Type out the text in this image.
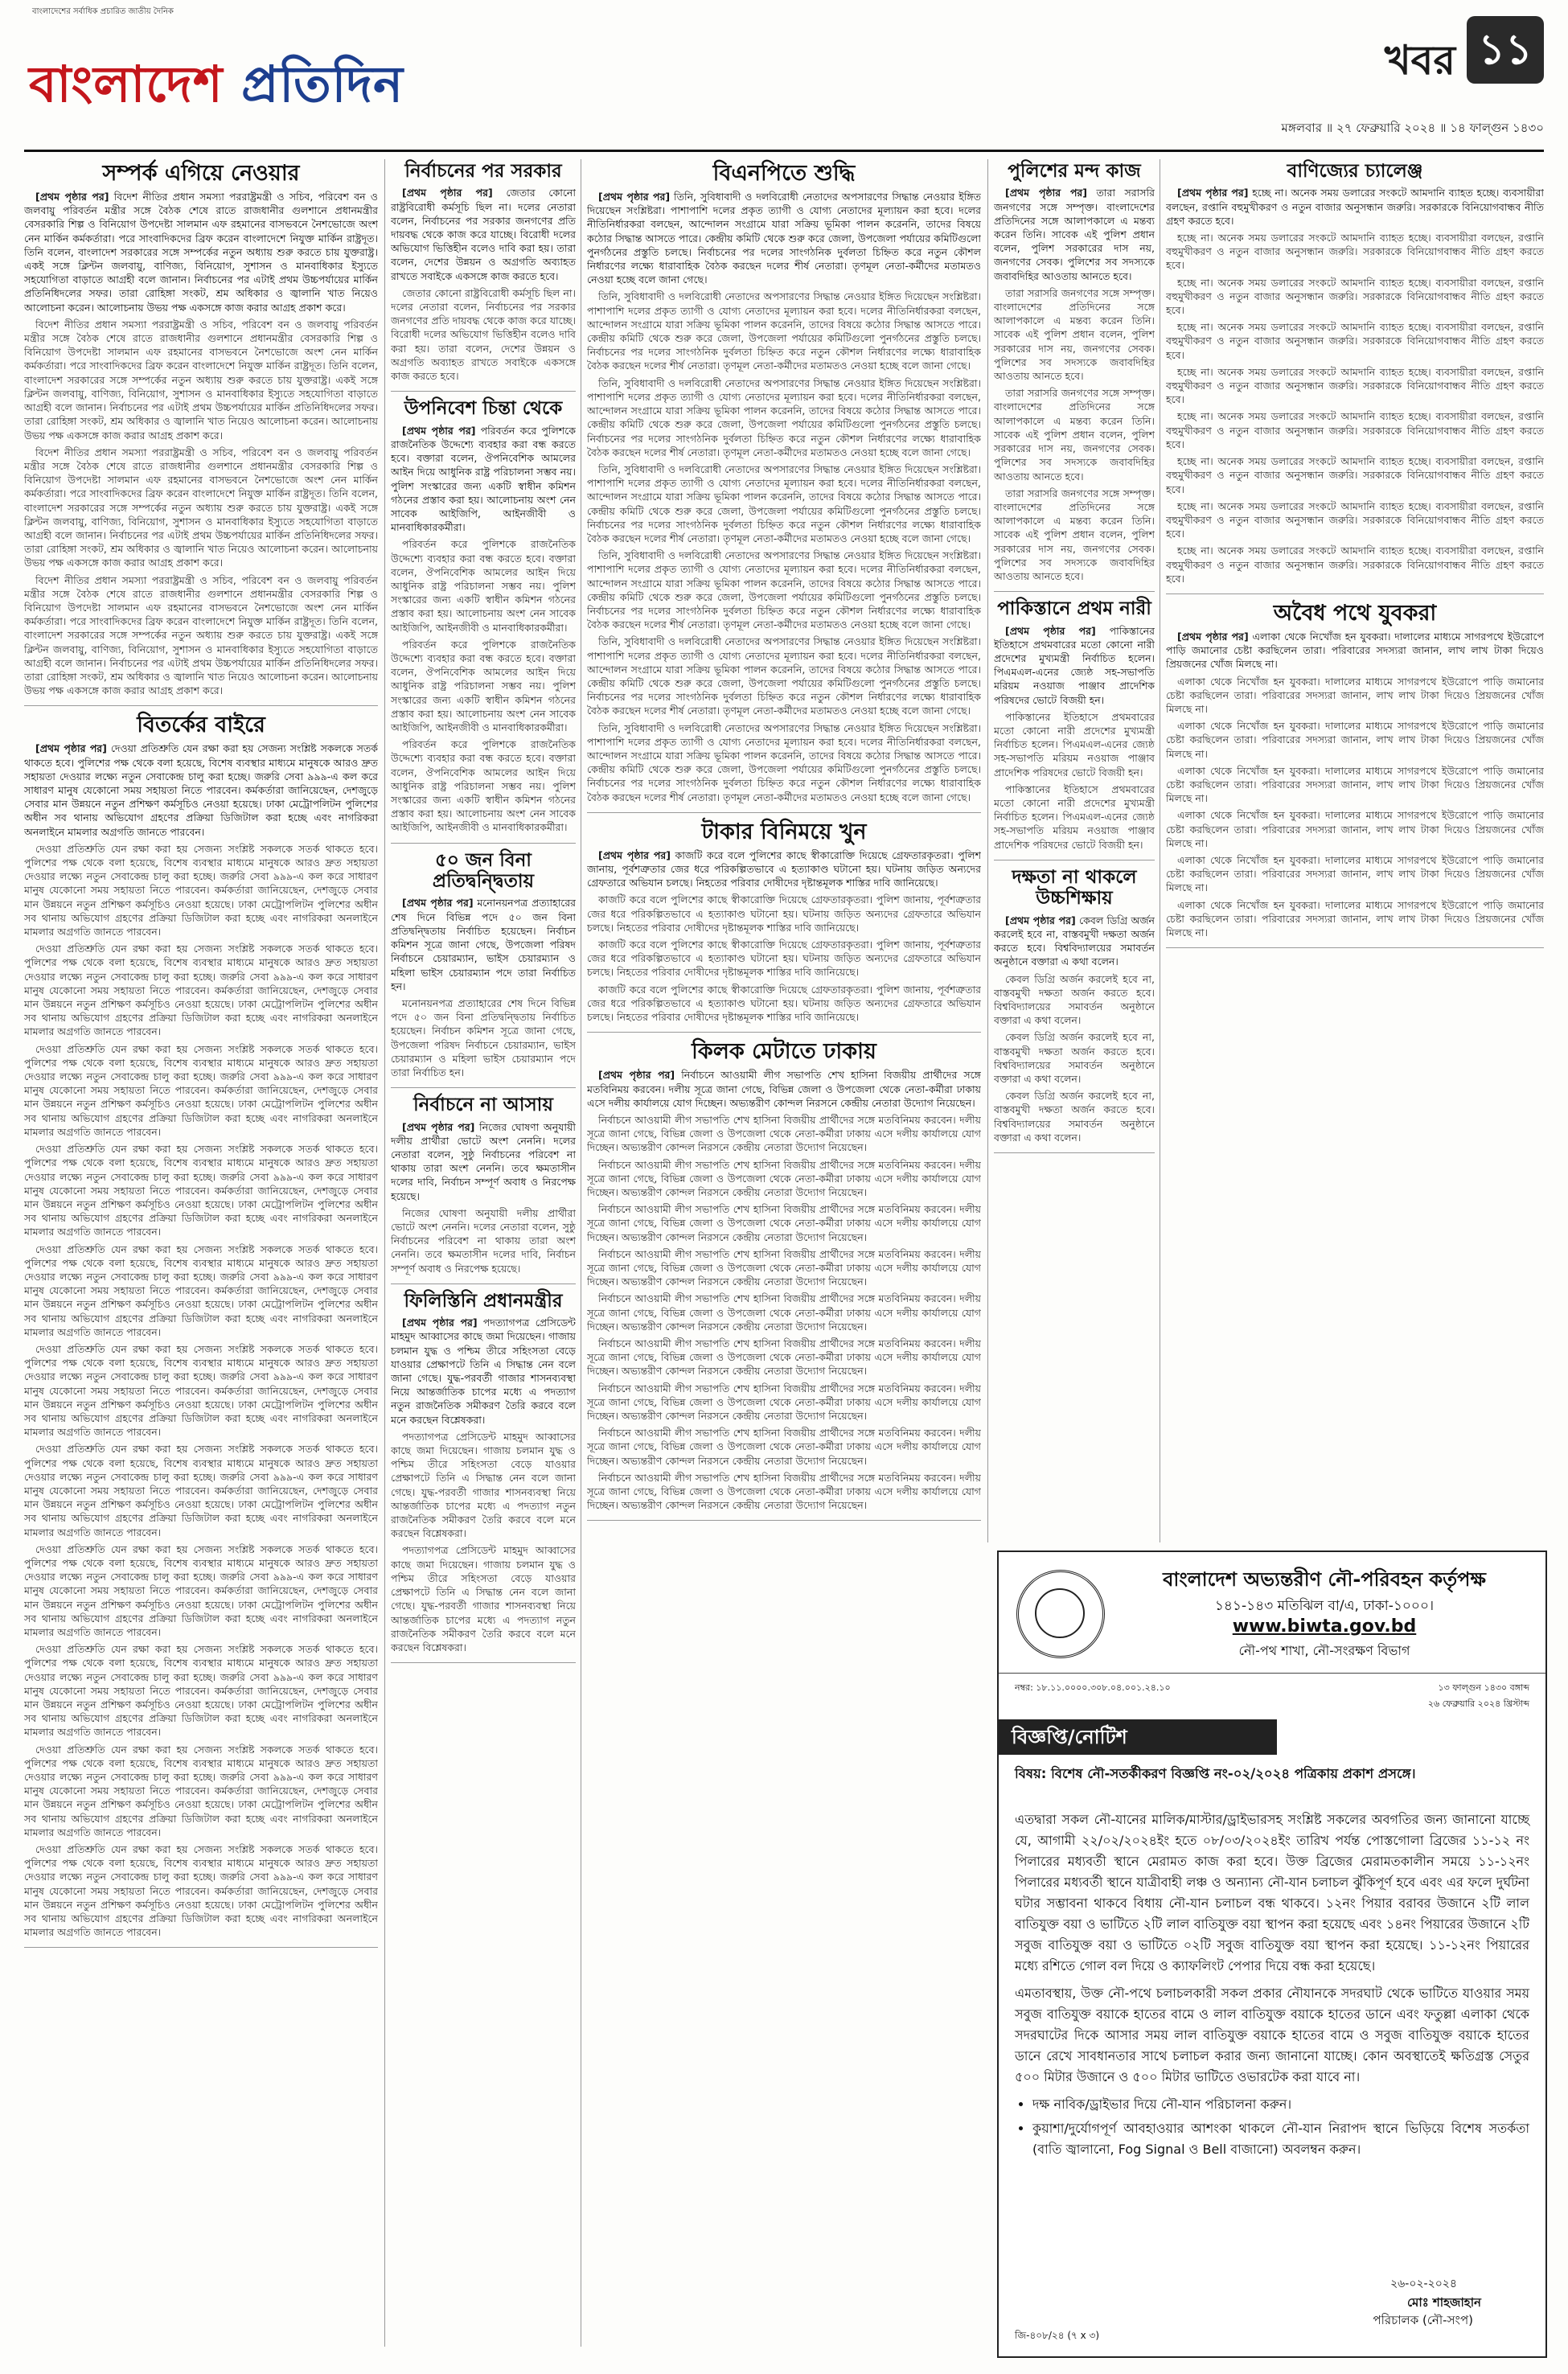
বাংলাদেশের সর্বাধিক প্রচারিত জাতীয় দৈনিক
বাংলাদেশ প্রতিদিন	খবর ১১
মঙ্গলবার ॥ ২৭ ফেব্রুয়ারি ২০২৪ ॥ ১৪ ফাল্গুন ১৪৩০
সম্পর্ক এগিয়ে নেওয়ার

[প্রথম পৃষ্ঠার পর] বিদেশ নীতির প্রধান সমস্যা পররাষ্ট্রমন্ত্রী ও সচিব, পরিবেশ বন ও জলবায়ু পরিবর্তন মন্ত্রীর সঙ্গে বৈঠক শেষে রাতে রাজধানীর গুলশানে প্রধানমন্ত্রীর বেসরকারি শিল্প ও বিনিয়োগ উপদেষ্টা সালমান এফ রহমানের বাসভবনে নৈশভোজে অংশ নেন মার্কিন কর্মকর্তারা। পরে সাংবাদিকদের ব্রিফ করেন বাংলাদেশে নিযুক্ত মার্কিন রাষ্ট্রদূত। তিনি বলেন, বাংলাদেশ সরকারের সঙ্গে সম্পর্কের নতুন অধ্যায় শুরু করতে চায় যুক্তরাষ্ট্র। একই সঙ্গে ক্লিন্টন জলবায়ু, বাণিজ্য, বিনিয়োগ, সুশাসন ও মানবাধিকার ইস্যুতে সহযোগিতা বাড়াতে আগ্রহী বলে জানান। নির্বাচনের পর এটাই প্রথম উচ্চপর্যায়ের মার্কিন প্রতিনিধিদলের সফর। তারা রোহিঙ্গা সংকট, শ্রম অধিকার ও জ্বালানি খাত নিয়েও আলোচনা করেন। আলোচনায় উভয় পক্ষ একসঙ্গে কাজ করার আগ্রহ প্রকাশ করে।

বিদেশ নীতির প্রধান সমস্যা পররাষ্ট্রমন্ত্রী ও সচিব, পরিবেশ বন ও জলবায়ু পরিবর্তন মন্ত্রীর সঙ্গে বৈঠক শেষে রাতে রাজধানীর গুলশানে প্রধানমন্ত্রীর বেসরকারি শিল্প ও বিনিয়োগ উপদেষ্টা সালমান এফ রহমানের বাসভবনে নৈশভোজে অংশ নেন মার্কিন কর্মকর্তারা। পরে সাংবাদিকদের ব্রিফ করেন বাংলাদেশে নিযুক্ত মার্কিন রাষ্ট্রদূত। তিনি বলেন, বাংলাদেশ সরকারের সঙ্গে সম্পর্কের নতুন অধ্যায় শুরু করতে চায় যুক্তরাষ্ট্র। একই সঙ্গে ক্লিন্টন জলবায়ু, বাণিজ্য, বিনিয়োগ, সুশাসন ও মানবাধিকার ইস্যুতে সহযোগিতা বাড়াতে আগ্রহী বলে জানান। নির্বাচনের পর এটাই প্রথম উচ্চপর্যায়ের মার্কিন প্রতিনিধিদলের সফর। তারা রোহিঙ্গা সংকট, শ্রম অধিকার ও জ্বালানি খাত নিয়েও আলোচনা করেন। আলোচনায় উভয় পক্ষ একসঙ্গে কাজ করার আগ্রহ প্রকাশ করে।

বিদেশ নীতির প্রধান সমস্যা পররাষ্ট্রমন্ত্রী ও সচিব, পরিবেশ বন ও জলবায়ু পরিবর্তন মন্ত্রীর সঙ্গে বৈঠক শেষে রাতে রাজধানীর গুলশানে প্রধানমন্ত্রীর বেসরকারি শিল্প ও বিনিয়োগ উপদেষ্টা সালমান এফ রহমানের বাসভবনে নৈশভোজে অংশ নেন মার্কিন কর্মকর্তারা। পরে সাংবাদিকদের ব্রিফ করেন বাংলাদেশে নিযুক্ত মার্কিন রাষ্ট্রদূত। তিনি বলেন, বাংলাদেশ সরকারের সঙ্গে সম্পর্কের নতুন অধ্যায় শুরু করতে চায় যুক্তরাষ্ট্র। একই সঙ্গে ক্লিন্টন জলবায়ু, বাণিজ্য, বিনিয়োগ, সুশাসন ও মানবাধিকার ইস্যুতে সহযোগিতা বাড়াতে আগ্রহী বলে জানান। নির্বাচনের পর এটাই প্রথম উচ্চপর্যায়ের মার্কিন প্রতিনিধিদলের সফর। তারা রোহিঙ্গা সংকট, শ্রম অধিকার ও জ্বালানি খাত নিয়েও আলোচনা করেন। আলোচনায় উভয় পক্ষ একসঙ্গে কাজ করার আগ্রহ প্রকাশ করে।

বিদেশ নীতির প্রধান সমস্যা পররাষ্ট্রমন্ত্রী ও সচিব, পরিবেশ বন ও জলবায়ু পরিবর্তন মন্ত্রীর সঙ্গে বৈঠক শেষে রাতে রাজধানীর গুলশানে প্রধানমন্ত্রীর বেসরকারি শিল্প ও বিনিয়োগ উপদেষ্টা সালমান এফ রহমানের বাসভবনে নৈশভোজে অংশ নেন মার্কিন কর্মকর্তারা। পরে সাংবাদিকদের ব্রিফ করেন বাংলাদেশে নিযুক্ত মার্কিন রাষ্ট্রদূত। তিনি বলেন, বাংলাদেশ সরকারের সঙ্গে সম্পর্কের নতুন অধ্যায় শুরু করতে চায় যুক্তরাষ্ট্র। একই সঙ্গে ক্লিন্টন জলবায়ু, বাণিজ্য, বিনিয়োগ, সুশাসন ও মানবাধিকার ইস্যুতে সহযোগিতা বাড়াতে আগ্রহী বলে জানান। নির্বাচনের পর এটাই প্রথম উচ্চপর্যায়ের মার্কিন প্রতিনিধিদলের সফর। তারা রোহিঙ্গা সংকট, শ্রম অধিকার ও জ্বালানি খাত নিয়েও আলোচনা করেন। আলোচনায় উভয় পক্ষ একসঙ্গে কাজ করার আগ্রহ প্রকাশ করে।

বিতর্কের বাইরে

[প্রথম পৃষ্ঠার পর] দেওয়া প্রতিশ্রুতি যেন রক্ষা করা হয় সেজন্য সংশ্লিষ্ট সকলকে সতর্ক থাকতে হবে। পুলিশের পক্ষ থেকে বলা হয়েছে, বিশেষ ব্যবস্থার মাধ্যমে মানুষকে আরও দ্রুত সহায়তা দেওয়ার লক্ষ্যে নতুন সেবাকেন্দ্র চালু করা হচ্ছে। জরুরি সেবা ৯৯৯-এ কল করে সাধারণ মানুষ যেকোনো সময় সহায়তা নিতে পারবেন। কর্মকর্তারা জানিয়েছেন, দেশজুড়ে সেবার মান উন্নয়নে নতুন প্রশিক্ষণ কর্মসূচিও নেওয়া হয়েছে। ঢাকা মেট্রোপলিটন পুলিশের অধীন সব থানায় অভিযোগ গ্রহণের প্রক্রিয়া ডিজিটাল করা হচ্ছে এবং নাগরিকরা অনলাইনে মামলার অগ্রগতি জানতে পারবেন।

দেওয়া প্রতিশ্রুতি যেন রক্ষা করা হয় সেজন্য সংশ্লিষ্ট সকলকে সতর্ক থাকতে হবে। পুলিশের পক্ষ থেকে বলা হয়েছে, বিশেষ ব্যবস্থার মাধ্যমে মানুষকে আরও দ্রুত সহায়তা দেওয়ার লক্ষ্যে নতুন সেবাকেন্দ্র চালু করা হচ্ছে। জরুরি সেবা ৯৯৯-এ কল করে সাধারণ মানুষ যেকোনো সময় সহায়তা নিতে পারবেন। কর্মকর্তারা জানিয়েছেন, দেশজুড়ে সেবার মান উন্নয়নে নতুন প্রশিক্ষণ কর্মসূচিও নেওয়া হয়েছে। ঢাকা মেট্রোপলিটন পুলিশের অধীন সব থানায় অভিযোগ গ্রহণের প্রক্রিয়া ডিজিটাল করা হচ্ছে এবং নাগরিকরা অনলাইনে মামলার অগ্রগতি জানতে পারবেন।

দেওয়া প্রতিশ্রুতি যেন রক্ষা করা হয় সেজন্য সংশ্লিষ্ট সকলকে সতর্ক থাকতে হবে। পুলিশের পক্ষ থেকে বলা হয়েছে, বিশেষ ব্যবস্থার মাধ্যমে মানুষকে আরও দ্রুত সহায়তা দেওয়ার লক্ষ্যে নতুন সেবাকেন্দ্র চালু করা হচ্ছে। জরুরি সেবা ৯৯৯-এ কল করে সাধারণ মানুষ যেকোনো সময় সহায়তা নিতে পারবেন। কর্মকর্তারা জানিয়েছেন, দেশজুড়ে সেবার মান উন্নয়নে নতুন প্রশিক্ষণ কর্মসূচিও নেওয়া হয়েছে। ঢাকা মেট্রোপলিটন পুলিশের অধীন সব থানায় অভিযোগ গ্রহণের প্রক্রিয়া ডিজিটাল করা হচ্ছে এবং নাগরিকরা অনলাইনে মামলার অগ্রগতি জানতে পারবেন।

দেওয়া প্রতিশ্রুতি যেন রক্ষা করা হয় সেজন্য সংশ্লিষ্ট সকলকে সতর্ক থাকতে হবে। পুলিশের পক্ষ থেকে বলা হয়েছে, বিশেষ ব্যবস্থার মাধ্যমে মানুষকে আরও দ্রুত সহায়তা দেওয়ার লক্ষ্যে নতুন সেবাকেন্দ্র চালু করা হচ্ছে। জরুরি সেবা ৯৯৯-এ কল করে সাধারণ মানুষ যেকোনো সময় সহায়তা নিতে পারবেন। কর্মকর্তারা জানিয়েছেন, দেশজুড়ে সেবার মান উন্নয়নে নতুন প্রশিক্ষণ কর্মসূচিও নেওয়া হয়েছে। ঢাকা মেট্রোপলিটন পুলিশের অধীন সব থানায় অভিযোগ গ্রহণের প্রক্রিয়া ডিজিটাল করা হচ্ছে এবং নাগরিকরা অনলাইনে মামলার অগ্রগতি জানতে পারবেন।

দেওয়া প্রতিশ্রুতি যেন রক্ষা করা হয় সেজন্য সংশ্লিষ্ট সকলকে সতর্ক থাকতে হবে। পুলিশের পক্ষ থেকে বলা হয়েছে, বিশেষ ব্যবস্থার মাধ্যমে মানুষকে আরও দ্রুত সহায়তা দেওয়ার লক্ষ্যে নতুন সেবাকেন্দ্র চালু করা হচ্ছে। জরুরি সেবা ৯৯৯-এ কল করে সাধারণ মানুষ যেকোনো সময় সহায়তা নিতে পারবেন। কর্মকর্তারা জানিয়েছেন, দেশজুড়ে সেবার মান উন্নয়নে নতুন প্রশিক্ষণ কর্মসূচিও নেওয়া হয়েছে। ঢাকা মেট্রোপলিটন পুলিশের অধীন সব থানায় অভিযোগ গ্রহণের প্রক্রিয়া ডিজিটাল করা হচ্ছে এবং নাগরিকরা অনলাইনে মামলার অগ্রগতি জানতে পারবেন।

দেওয়া প্রতিশ্রুতি যেন রক্ষা করা হয় সেজন্য সংশ্লিষ্ট সকলকে সতর্ক থাকতে হবে। পুলিশের পক্ষ থেকে বলা হয়েছে, বিশেষ ব্যবস্থার মাধ্যমে মানুষকে আরও দ্রুত সহায়তা দেওয়ার লক্ষ্যে নতুন সেবাকেন্দ্র চালু করা হচ্ছে। জরুরি সেবা ৯৯৯-এ কল করে সাধারণ মানুষ যেকোনো সময় সহায়তা নিতে পারবেন। কর্মকর্তারা জানিয়েছেন, দেশজুড়ে সেবার মান উন্নয়নে নতুন প্রশিক্ষণ কর্মসূচিও নেওয়া হয়েছে। ঢাকা মেট্রোপলিটন পুলিশের অধীন সব থানায় অভিযোগ গ্রহণের প্রক্রিয়া ডিজিটাল করা হচ্ছে এবং নাগরিকরা অনলাইনে মামলার অগ্রগতি জানতে পারবেন।

দেওয়া প্রতিশ্রুতি যেন রক্ষা করা হয় সেজন্য সংশ্লিষ্ট সকলকে সতর্ক থাকতে হবে। পুলিশের পক্ষ থেকে বলা হয়েছে, বিশেষ ব্যবস্থার মাধ্যমে মানুষকে আরও দ্রুত সহায়তা দেওয়ার লক্ষ্যে নতুন সেবাকেন্দ্র চালু করা হচ্ছে। জরুরি সেবা ৯৯৯-এ কল করে সাধারণ মানুষ যেকোনো সময় সহায়তা নিতে পারবেন। কর্মকর্তারা জানিয়েছেন, দেশজুড়ে সেবার মান উন্নয়নে নতুন প্রশিক্ষণ কর্মসূচিও নেওয়া হয়েছে। ঢাকা মেট্রোপলিটন পুলিশের অধীন সব থানায় অভিযোগ গ্রহণের প্রক্রিয়া ডিজিটাল করা হচ্ছে এবং নাগরিকরা অনলাইনে মামলার অগ্রগতি জানতে পারবেন।

দেওয়া প্রতিশ্রুতি যেন রক্ষা করা হয় সেজন্য সংশ্লিষ্ট সকলকে সতর্ক থাকতে হবে। পুলিশের পক্ষ থেকে বলা হয়েছে, বিশেষ ব্যবস্থার মাধ্যমে মানুষকে আরও দ্রুত সহায়তা দেওয়ার লক্ষ্যে নতুন সেবাকেন্দ্র চালু করা হচ্ছে। জরুরি সেবা ৯৯৯-এ কল করে সাধারণ মানুষ যেকোনো সময় সহায়তা নিতে পারবেন। কর্মকর্তারা জানিয়েছেন, দেশজুড়ে সেবার মান উন্নয়নে নতুন প্রশিক্ষণ কর্মসূচিও নেওয়া হয়েছে। ঢাকা মেট্রোপলিটন পুলিশের অধীন সব থানায় অভিযোগ গ্রহণের প্রক্রিয়া ডিজিটাল করা হচ্ছে এবং নাগরিকরা অনলাইনে মামলার অগ্রগতি জানতে পারবেন।

দেওয়া প্রতিশ্রুতি যেন রক্ষা করা হয় সেজন্য সংশ্লিষ্ট সকলকে সতর্ক থাকতে হবে। পুলিশের পক্ষ থেকে বলা হয়েছে, বিশেষ ব্যবস্থার মাধ্যমে মানুষকে আরও দ্রুত সহায়তা দেওয়ার লক্ষ্যে নতুন সেবাকেন্দ্র চালু করা হচ্ছে। জরুরি সেবা ৯৯৯-এ কল করে সাধারণ মানুষ যেকোনো সময় সহায়তা নিতে পারবেন। কর্মকর্তারা জানিয়েছেন, দেশজুড়ে সেবার মান উন্নয়নে নতুন প্রশিক্ষণ কর্মসূচিও নেওয়া হয়েছে। ঢাকা মেট্রোপলিটন পুলিশের অধীন সব থানায় অভিযোগ গ্রহণের প্রক্রিয়া ডিজিটাল করা হচ্ছে এবং নাগরিকরা অনলাইনে মামলার অগ্রগতি জানতে পারবেন।

দেওয়া প্রতিশ্রুতি যেন রক্ষা করা হয় সেজন্য সংশ্লিষ্ট সকলকে সতর্ক থাকতে হবে। পুলিশের পক্ষ থেকে বলা হয়েছে, বিশেষ ব্যবস্থার মাধ্যমে মানুষকে আরও দ্রুত সহায়তা দেওয়ার লক্ষ্যে নতুন সেবাকেন্দ্র চালু করা হচ্ছে। জরুরি সেবা ৯৯৯-এ কল করে সাধারণ মানুষ যেকোনো সময় সহায়তা নিতে পারবেন। কর্মকর্তারা জানিয়েছেন, দেশজুড়ে সেবার মান উন্নয়নে নতুন প্রশিক্ষণ কর্মসূচিও নেওয়া হয়েছে। ঢাকা মেট্রোপলিটন পুলিশের অধীন সব থানায় অভিযোগ গ্রহণের প্রক্রিয়া ডিজিটাল করা হচ্ছে এবং নাগরিকরা অনলাইনে মামলার অগ্রগতি জানতে পারবেন।

দেওয়া প্রতিশ্রুতি যেন রক্ষা করা হয় সেজন্য সংশ্লিষ্ট সকলকে সতর্ক থাকতে হবে। পুলিশের পক্ষ থেকে বলা হয়েছে, বিশেষ ব্যবস্থার মাধ্যমে মানুষকে আরও দ্রুত সহায়তা দেওয়ার লক্ষ্যে নতুন সেবাকেন্দ্র চালু করা হচ্ছে। জরুরি সেবা ৯৯৯-এ কল করে সাধারণ মানুষ যেকোনো সময় সহায়তা নিতে পারবেন। কর্মকর্তারা জানিয়েছেন, দেশজুড়ে সেবার মান উন্নয়নে নতুন প্রশিক্ষণ কর্মসূচিও নেওয়া হয়েছে। ঢাকা মেট্রোপলিটন পুলিশের অধীন সব থানায় অভিযোগ গ্রহণের প্রক্রিয়া ডিজিটাল করা হচ্ছে এবং নাগরিকরা অনলাইনে মামলার অগ্রগতি জানতে পারবেন।

দেওয়া প্রতিশ্রুতি যেন রক্ষা করা হয় সেজন্য সংশ্লিষ্ট সকলকে সতর্ক থাকতে হবে। পুলিশের পক্ষ থেকে বলা হয়েছে, বিশেষ ব্যবস্থার মাধ্যমে মানুষকে আরও দ্রুত সহায়তা দেওয়ার লক্ষ্যে নতুন সেবাকেন্দ্র চালু করা হচ্ছে। জরুরি সেবা ৯৯৯-এ কল করে সাধারণ মানুষ যেকোনো সময় সহায়তা নিতে পারবেন। কর্মকর্তারা জানিয়েছেন, দেশজুড়ে সেবার মান উন্নয়নে নতুন প্রশিক্ষণ কর্মসূচিও নেওয়া হয়েছে। ঢাকা মেট্রোপলিটন পুলিশের অধীন সব থানায় অভিযোগ গ্রহণের প্রক্রিয়া ডিজিটাল করা হচ্ছে এবং নাগরিকরা অনলাইনে মামলার অগ্রগতি জানতে পারবেন।

নির্বাচনের পর সরকার

[প্রথম পৃষ্ঠার পর] জেতার কোনো রাষ্ট্রবিরোধী কর্মসূচি ছিল না। দলের নেতারা বলেন, নির্বাচনের পর সরকার জনগণের প্রতি দায়বদ্ধ থেকে কাজ করে যাচ্ছে। বিরোধী দলের অভিযোগ ভিত্তিহীন বলেও দাবি করা হয়। তারা বলেন, দেশের উন্নয়ন ও অগ্রগতি অব্যাহত রাখতে সবাইকে একসঙ্গে কাজ করতে হবে।

জেতার কোনো রাষ্ট্রবিরোধী কর্মসূচি ছিল না। দলের নেতারা বলেন, নির্বাচনের পর সরকার জনগণের প্রতি দায়বদ্ধ থেকে কাজ করে যাচ্ছে। বিরোধী দলের অভিযোগ ভিত্তিহীন বলেও দাবি করা হয়। তারা বলেন, দেশের উন্নয়ন ও অগ্রগতি অব্যাহত রাখতে সবাইকে একসঙ্গে কাজ করতে হবে।

উপনিবেশ চিন্তা থেকে

[প্রথম পৃষ্ঠার পর] পরিবর্তন করে পুলিশকে রাজনৈতিক উদ্দেশ্যে ব্যবহার করা বন্ধ করতে হবে। বক্তারা বলেন, ঔপনিবেশিক আমলের আইন দিয়ে আধুনিক রাষ্ট্র পরিচালনা সম্ভব নয়। পুলিশ সংস্কারের জন্য একটি স্বাধীন কমিশন গঠনের প্রস্তাব করা হয়। আলোচনায় অংশ নেন সাবেক আইজিপি, আইনজীবী ও মানবাধিকারকর্মীরা।

পরিবর্তন করে পুলিশকে রাজনৈতিক উদ্দেশ্যে ব্যবহার করা বন্ধ করতে হবে। বক্তারা বলেন, ঔপনিবেশিক আমলের আইন দিয়ে আধুনিক রাষ্ট্র পরিচালনা সম্ভব নয়। পুলিশ সংস্কারের জন্য একটি স্বাধীন কমিশন গঠনের প্রস্তাব করা হয়। আলোচনায় অংশ নেন সাবেক আইজিপি, আইনজীবী ও মানবাধিকারকর্মীরা।

পরিবর্তন করে পুলিশকে রাজনৈতিক উদ্দেশ্যে ব্যবহার করা বন্ধ করতে হবে। বক্তারা বলেন, ঔপনিবেশিক আমলের আইন দিয়ে আধুনিক রাষ্ট্র পরিচালনা সম্ভব নয়। পুলিশ সংস্কারের জন্য একটি স্বাধীন কমিশন গঠনের প্রস্তাব করা হয়। আলোচনায় অংশ নেন সাবেক আইজিপি, আইনজীবী ও মানবাধিকারকর্মীরা।

পরিবর্তন করে পুলিশকে রাজনৈতিক উদ্দেশ্যে ব্যবহার করা বন্ধ করতে হবে। বক্তারা বলেন, ঔপনিবেশিক আমলের আইন দিয়ে আধুনিক রাষ্ট্র পরিচালনা সম্ভব নয়। পুলিশ সংস্কারের জন্য একটি স্বাধীন কমিশন গঠনের প্রস্তাব করা হয়। আলোচনায় অংশ নেন সাবেক আইজিপি, আইনজীবী ও মানবাধিকারকর্মীরা।

৫০ জন বিনা প্রতিদ্বন্দ্বিতায়

[প্রথম পৃষ্ঠার পর] মনোনয়নপত্র প্রত্যাহারের শেষ দিনে বিভিন্ন পদে ৫০ জন বিনা প্রতিদ্বন্দ্বিতায় নির্বাচিত হয়েছেন। নির্বাচন কমিশন সূত্রে জানা গেছে, উপজেলা পরিষদ নির্বাচনে চেয়ারম্যান, ভাইস চেয়ারম্যান ও মহিলা ভাইস চেয়ারম্যান পদে তারা নির্বাচিত হন।

মনোনয়নপত্র প্রত্যাহারের শেষ দিনে বিভিন্ন পদে ৫০ জন বিনা প্রতিদ্বন্দ্বিতায় নির্বাচিত হয়েছেন। নির্বাচন কমিশন সূত্রে জানা গেছে, উপজেলা পরিষদ নির্বাচনে চেয়ারম্যান, ভাইস চেয়ারম্যান ও মহিলা ভাইস চেয়ারম্যান পদে তারা নির্বাচিত হন।

নির্বাচনে না আসায়

[প্রথম পৃষ্ঠার পর] নিজের ঘোষণা অনুযায়ী দলীয় প্রার্থীরা ভোটে অংশ নেননি। দলের নেতারা বলেন, সুষ্ঠু নির্বাচনের পরিবেশ না থাকায় তারা অংশ নেননি। তবে ক্ষমতাসীন দলের দাবি, নির্বাচন সম্পূর্ণ অবাধ ও নিরপেক্ষ হয়েছে।

নিজের ঘোষণা অনুযায়ী দলীয় প্রার্থীরা ভোটে অংশ নেননি। দলের নেতারা বলেন, সুষ্ঠু নির্বাচনের পরিবেশ না থাকায় তারা অংশ নেননি। তবে ক্ষমতাসীন দলের দাবি, নির্বাচন সম্পূর্ণ অবাধ ও নিরপেক্ষ হয়েছে।

ফিলিস্তিনি প্রধানমন্ত্রীর

[প্রথম পৃষ্ঠার পর] পদত্যাগপত্র প্রেসিডেন্ট মাহমুদ আব্বাসের কাছে জমা দিয়েছেন। গাজায় চলমান যুদ্ধ ও পশ্চিম তীরে সহিংসতা বেড়ে যাওয়ার প্রেক্ষাপটে তিনি এ সিদ্ধান্ত নেন বলে জানা গেছে। যুদ্ধ-পরবর্তী গাজার শাসনব্যবস্থা নিয়ে আন্তর্জাতিক চাপের মধ্যে এ পদত্যাগ নতুন রাজনৈতিক সমীকরণ তৈরি করবে বলে মনে করছেন বিশ্লেষকরা।

পদত্যাগপত্র প্রেসিডেন্ট মাহমুদ আব্বাসের কাছে জমা দিয়েছেন। গাজায় চলমান যুদ্ধ ও পশ্চিম তীরে সহিংসতা বেড়ে যাওয়ার প্রেক্ষাপটে তিনি এ সিদ্ধান্ত নেন বলে জানা গেছে। যুদ্ধ-পরবর্তী গাজার শাসনব্যবস্থা নিয়ে আন্তর্জাতিক চাপের মধ্যে এ পদত্যাগ নতুন রাজনৈতিক সমীকরণ তৈরি করবে বলে মনে করছেন বিশ্লেষকরা।

পদত্যাগপত্র প্রেসিডেন্ট মাহমুদ আব্বাসের কাছে জমা দিয়েছেন। গাজায় চলমান যুদ্ধ ও পশ্চিম তীরে সহিংসতা বেড়ে যাওয়ার প্রেক্ষাপটে তিনি এ সিদ্ধান্ত নেন বলে জানা গেছে। যুদ্ধ-পরবর্তী গাজার শাসনব্যবস্থা নিয়ে আন্তর্জাতিক চাপের মধ্যে এ পদত্যাগ নতুন রাজনৈতিক সমীকরণ তৈরি করবে বলে মনে করছেন বিশ্লেষকরা।

বিএনপিতে শুদ্ধি

[প্রথম পৃষ্ঠার পর] তিনি, সুবিধাবাদী ও দলবিরোধী নেতাদের অপসারণের সিদ্ধান্ত নেওয়ার ইঙ্গিত দিয়েছেন সংশ্লিষ্টরা। পাশাপাশি দলের প্রকৃত ত্যাগী ও যোগ্য নেতাদের মূল্যায়ন করা হবে। দলের নীতিনির্ধারকরা বলছেন, আন্দোলন সংগ্রামে যারা সক্রিয় ভূমিকা পালন করেননি, তাদের বিষয়ে কঠোর সিদ্ধান্ত আসতে পারে। কেন্দ্রীয় কমিটি থেকে শুরু করে জেলা, উপজেলা পর্যায়ের কমিটিগুলো পুনর্গঠনের প্রস্তুতি চলছে। নির্বাচনের পর দলের সাংগঠনিক দুর্বলতা চিহ্নিত করে নতুন কৌশল নির্ধারণের লক্ষ্যে ধারাবাহিক বৈঠক করছেন দলের শীর্ষ নেতারা। তৃণমূল নেতা-কর্মীদের মতামতও নেওয়া হচ্ছে বলে জানা গেছে।

তিনি, সুবিধাবাদী ও দলবিরোধী নেতাদের অপসারণের সিদ্ধান্ত নেওয়ার ইঙ্গিত দিয়েছেন সংশ্লিষ্টরা। পাশাপাশি দলের প্রকৃত ত্যাগী ও যোগ্য নেতাদের মূল্যায়ন করা হবে। দলের নীতিনির্ধারকরা বলছেন, আন্দোলন সংগ্রামে যারা সক্রিয় ভূমিকা পালন করেননি, তাদের বিষয়ে কঠোর সিদ্ধান্ত আসতে পারে। কেন্দ্রীয় কমিটি থেকে শুরু করে জেলা, উপজেলা পর্যায়ের কমিটিগুলো পুনর্গঠনের প্রস্তুতি চলছে। নির্বাচনের পর দলের সাংগঠনিক দুর্বলতা চিহ্নিত করে নতুন কৌশল নির্ধারণের লক্ষ্যে ধারাবাহিক বৈঠক করছেন দলের শীর্ষ নেতারা। তৃণমূল নেতা-কর্মীদের মতামতও নেওয়া হচ্ছে বলে জানা গেছে।

তিনি, সুবিধাবাদী ও দলবিরোধী নেতাদের অপসারণের সিদ্ধান্ত নেওয়ার ইঙ্গিত দিয়েছেন সংশ্লিষ্টরা। পাশাপাশি দলের প্রকৃত ত্যাগী ও যোগ্য নেতাদের মূল্যায়ন করা হবে। দলের নীতিনির্ধারকরা বলছেন, আন্দোলন সংগ্রামে যারা সক্রিয় ভূমিকা পালন করেননি, তাদের বিষয়ে কঠোর সিদ্ধান্ত আসতে পারে। কেন্দ্রীয় কমিটি থেকে শুরু করে জেলা, উপজেলা পর্যায়ের কমিটিগুলো পুনর্গঠনের প্রস্তুতি চলছে। নির্বাচনের পর দলের সাংগঠনিক দুর্বলতা চিহ্নিত করে নতুন কৌশল নির্ধারণের লক্ষ্যে ধারাবাহিক বৈঠক করছেন দলের শীর্ষ নেতারা। তৃণমূল নেতা-কর্মীদের মতামতও নেওয়া হচ্ছে বলে জানা গেছে।

তিনি, সুবিধাবাদী ও দলবিরোধী নেতাদের অপসারণের সিদ্ধান্ত নেওয়ার ইঙ্গিত দিয়েছেন সংশ্লিষ্টরা। পাশাপাশি দলের প্রকৃত ত্যাগী ও যোগ্য নেতাদের মূল্যায়ন করা হবে। দলের নীতিনির্ধারকরা বলছেন, আন্দোলন সংগ্রামে যারা সক্রিয় ভূমিকা পালন করেননি, তাদের বিষয়ে কঠোর সিদ্ধান্ত আসতে পারে। কেন্দ্রীয় কমিটি থেকে শুরু করে জেলা, উপজেলা পর্যায়ের কমিটিগুলো পুনর্গঠনের প্রস্তুতি চলছে। নির্বাচনের পর দলের সাংগঠনিক দুর্বলতা চিহ্নিত করে নতুন কৌশল নির্ধারণের লক্ষ্যে ধারাবাহিক বৈঠক করছেন দলের শীর্ষ নেতারা। তৃণমূল নেতা-কর্মীদের মতামতও নেওয়া হচ্ছে বলে জানা গেছে।

তিনি, সুবিধাবাদী ও দলবিরোধী নেতাদের অপসারণের সিদ্ধান্ত নেওয়ার ইঙ্গিত দিয়েছেন সংশ্লিষ্টরা। পাশাপাশি দলের প্রকৃত ত্যাগী ও যোগ্য নেতাদের মূল্যায়ন করা হবে। দলের নীতিনির্ধারকরা বলছেন, আন্দোলন সংগ্রামে যারা সক্রিয় ভূমিকা পালন করেননি, তাদের বিষয়ে কঠোর সিদ্ধান্ত আসতে পারে। কেন্দ্রীয় কমিটি থেকে শুরু করে জেলা, উপজেলা পর্যায়ের কমিটিগুলো পুনর্গঠনের প্রস্তুতি চলছে। নির্বাচনের পর দলের সাংগঠনিক দুর্বলতা চিহ্নিত করে নতুন কৌশল নির্ধারণের লক্ষ্যে ধারাবাহিক বৈঠক করছেন দলের শীর্ষ নেতারা। তৃণমূল নেতা-কর্মীদের মতামতও নেওয়া হচ্ছে বলে জানা গেছে।

তিনি, সুবিধাবাদী ও দলবিরোধী নেতাদের অপসারণের সিদ্ধান্ত নেওয়ার ইঙ্গিত দিয়েছেন সংশ্লিষ্টরা। পাশাপাশি দলের প্রকৃত ত্যাগী ও যোগ্য নেতাদের মূল্যায়ন করা হবে। দলের নীতিনির্ধারকরা বলছেন, আন্দোলন সংগ্রামে যারা সক্রিয় ভূমিকা পালন করেননি, তাদের বিষয়ে কঠোর সিদ্ধান্ত আসতে পারে। কেন্দ্রীয় কমিটি থেকে শুরু করে জেলা, উপজেলা পর্যায়ের কমিটিগুলো পুনর্গঠনের প্রস্তুতি চলছে। নির্বাচনের পর দলের সাংগঠনিক দুর্বলতা চিহ্নিত করে নতুন কৌশল নির্ধারণের লক্ষ্যে ধারাবাহিক বৈঠক করছেন দলের শীর্ষ নেতারা। তৃণমূল নেতা-কর্মীদের মতামতও নেওয়া হচ্ছে বলে জানা গেছে।

তিনি, সুবিধাবাদী ও দলবিরোধী নেতাদের অপসারণের সিদ্ধান্ত নেওয়ার ইঙ্গিত দিয়েছেন সংশ্লিষ্টরা। পাশাপাশি দলের প্রকৃত ত্যাগী ও যোগ্য নেতাদের মূল্যায়ন করা হবে। দলের নীতিনির্ধারকরা বলছেন, আন্দোলন সংগ্রামে যারা সক্রিয় ভূমিকা পালন করেননি, তাদের বিষয়ে কঠোর সিদ্ধান্ত আসতে পারে। কেন্দ্রীয় কমিটি থেকে শুরু করে জেলা, উপজেলা পর্যায়ের কমিটিগুলো পুনর্গঠনের প্রস্তুতি চলছে। নির্বাচনের পর দলের সাংগঠনিক দুর্বলতা চিহ্নিত করে নতুন কৌশল নির্ধারণের লক্ষ্যে ধারাবাহিক বৈঠক করছেন দলের শীর্ষ নেতারা। তৃণমূল নেতা-কর্মীদের মতামতও নেওয়া হচ্ছে বলে জানা গেছে।

টাকার বিনিময়ে খুন

[প্রথম পৃষ্ঠার পর] কাজটি করে বলে পুলিশের কাছে স্বীকারোক্তি দিয়েছে গ্রেফতারকৃতরা। পুলিশ জানায়, পূর্বশত্রুতার জের ধরে পরিকল্পিতভাবে এ হত্যাকাণ্ড ঘটানো হয়। ঘটনায় জড়িত অন্যদের গ্রেফতারে অভিযান চলছে। নিহতের পরিবার দোষীদের দৃষ্টান্তমূলক শাস্তির দাবি জানিয়েছে।

কাজটি করে বলে পুলিশের কাছে স্বীকারোক্তি দিয়েছে গ্রেফতারকৃতরা। পুলিশ জানায়, পূর্বশত্রুতার জের ধরে পরিকল্পিতভাবে এ হত্যাকাণ্ড ঘটানো হয়। ঘটনায় জড়িত অন্যদের গ্রেফতারে অভিযান চলছে। নিহতের পরিবার দোষীদের দৃষ্টান্তমূলক শাস্তির দাবি জানিয়েছে।

কাজটি করে বলে পুলিশের কাছে স্বীকারোক্তি দিয়েছে গ্রেফতারকৃতরা। পুলিশ জানায়, পূর্বশত্রুতার জের ধরে পরিকল্পিতভাবে এ হত্যাকাণ্ড ঘটানো হয়। ঘটনায় জড়িত অন্যদের গ্রেফতারে অভিযান চলছে। নিহতের পরিবার দোষীদের দৃষ্টান্তমূলক শাস্তির দাবি জানিয়েছে।

কাজটি করে বলে পুলিশের কাছে স্বীকারোক্তি দিয়েছে গ্রেফতারকৃতরা। পুলিশ জানায়, পূর্বশত্রুতার জের ধরে পরিকল্পিতভাবে এ হত্যাকাণ্ড ঘটানো হয়। ঘটনায় জড়িত অন্যদের গ্রেফতারে অভিযান চলছে। নিহতের পরিবার দোষীদের দৃষ্টান্তমূলক শাস্তির দাবি জানিয়েছে।

কিলক মেটাতে ঢাকায়

[প্রথম পৃষ্ঠার পর] নির্বাচনে আওয়ামী লীগ সভাপতি শেখ হাসিনা বিজয়ীয় প্রার্থীদের সঙ্গে মতবিনিময় করবেন। দলীয় সূত্রে জানা গেছে, বিভিন্ন জেলা ও উপজেলা থেকে নেতা-কর্মীরা ঢাকায় এসে দলীয় কার্যালয়ে যোগ দিচ্ছেন। অভ্যন্তরীণ কোন্দল নিরসনে কেন্দ্রীয় নেতারা উদ্যোগ নিয়েছেন।

নির্বাচনে আওয়ামী লীগ সভাপতি শেখ হাসিনা বিজয়ীয় প্রার্থীদের সঙ্গে মতবিনিময় করবেন। দলীয় সূত্রে জানা গেছে, বিভিন্ন জেলা ও উপজেলা থেকে নেতা-কর্মীরা ঢাকায় এসে দলীয় কার্যালয়ে যোগ দিচ্ছেন। অভ্যন্তরীণ কোন্দল নিরসনে কেন্দ্রীয় নেতারা উদ্যোগ নিয়েছেন।

নির্বাচনে আওয়ামী লীগ সভাপতি শেখ হাসিনা বিজয়ীয় প্রার্থীদের সঙ্গে মতবিনিময় করবেন। দলীয় সূত্রে জানা গেছে, বিভিন্ন জেলা ও উপজেলা থেকে নেতা-কর্মীরা ঢাকায় এসে দলীয় কার্যালয়ে যোগ দিচ্ছেন। অভ্যন্তরীণ কোন্দল নিরসনে কেন্দ্রীয় নেতারা উদ্যোগ নিয়েছেন।

নির্বাচনে আওয়ামী লীগ সভাপতি শেখ হাসিনা বিজয়ীয় প্রার্থীদের সঙ্গে মতবিনিময় করবেন। দলীয় সূত্রে জানা গেছে, বিভিন্ন জেলা ও উপজেলা থেকে নেতা-কর্মীরা ঢাকায় এসে দলীয় কার্যালয়ে যোগ দিচ্ছেন। অভ্যন্তরীণ কোন্দল নিরসনে কেন্দ্রীয় নেতারা উদ্যোগ নিয়েছেন।

নির্বাচনে আওয়ামী লীগ সভাপতি শেখ হাসিনা বিজয়ীয় প্রার্থীদের সঙ্গে মতবিনিময় করবেন। দলীয় সূত্রে জানা গেছে, বিভিন্ন জেলা ও উপজেলা থেকে নেতা-কর্মীরা ঢাকায় এসে দলীয় কার্যালয়ে যোগ দিচ্ছেন। অভ্যন্তরীণ কোন্দল নিরসনে কেন্দ্রীয় নেতারা উদ্যোগ নিয়েছেন।

নির্বাচনে আওয়ামী লীগ সভাপতি শেখ হাসিনা বিজয়ীয় প্রার্থীদের সঙ্গে মতবিনিময় করবেন। দলীয় সূত্রে জানা গেছে, বিভিন্ন জেলা ও উপজেলা থেকে নেতা-কর্মীরা ঢাকায় এসে দলীয় কার্যালয়ে যোগ দিচ্ছেন। অভ্যন্তরীণ কোন্দল নিরসনে কেন্দ্রীয় নেতারা উদ্যোগ নিয়েছেন।

নির্বাচনে আওয়ামী লীগ সভাপতি শেখ হাসিনা বিজয়ীয় প্রার্থীদের সঙ্গে মতবিনিময় করবেন। দলীয় সূত্রে জানা গেছে, বিভিন্ন জেলা ও উপজেলা থেকে নেতা-কর্মীরা ঢাকায় এসে দলীয় কার্যালয়ে যোগ দিচ্ছেন। অভ্যন্তরীণ কোন্দল নিরসনে কেন্দ্রীয় নেতারা উদ্যোগ নিয়েছেন।

নির্বাচনে আওয়ামী লীগ সভাপতি শেখ হাসিনা বিজয়ীয় প্রার্থীদের সঙ্গে মতবিনিময় করবেন। দলীয় সূত্রে জানা গেছে, বিভিন্ন জেলা ও উপজেলা থেকে নেতা-কর্মীরা ঢাকায় এসে দলীয় কার্যালয়ে যোগ দিচ্ছেন। অভ্যন্তরীণ কোন্দল নিরসনে কেন্দ্রীয় নেতারা উদ্যোগ নিয়েছেন।

নির্বাচনে আওয়ামী লীগ সভাপতি শেখ হাসিনা বিজয়ীয় প্রার্থীদের সঙ্গে মতবিনিময় করবেন। দলীয় সূত্রে জানা গেছে, বিভিন্ন জেলা ও উপজেলা থেকে নেতা-কর্মীরা ঢাকায় এসে দলীয় কার্যালয়ে যোগ দিচ্ছেন। অভ্যন্তরীণ কোন্দল নিরসনে কেন্দ্রীয় নেতারা উদ্যোগ নিয়েছেন।

নির্বাচনে আওয়ামী লীগ সভাপতি শেখ হাসিনা বিজয়ীয় প্রার্থীদের সঙ্গে মতবিনিময় করবেন। দলীয় সূত্রে জানা গেছে, বিভিন্ন জেলা ও উপজেলা থেকে নেতা-কর্মীরা ঢাকায় এসে দলীয় কার্যালয়ে যোগ দিচ্ছেন। অভ্যন্তরীণ কোন্দল নিরসনে কেন্দ্রীয় নেতারা উদ্যোগ নিয়েছেন।

পুলিশের মন্দ কাজ

[প্রথম পৃষ্ঠার পর] তারা সরাসরি জনগণের সঙ্গে সম্পৃক্ত। বাংলাদেশের প্রতিদিনের সঙ্গে আলাপকালে এ মন্তব্য করেন তিনি। সাবেক এই পুলিশ প্রধান বলেন, পুলিশ সরকারের দাস নয়, জনগণের সেবক। পুলিশের সব সদস্যকে জবাবদিহির আওতায় আনতে হবে।

তারা সরাসরি জনগণের সঙ্গে সম্পৃক্ত। বাংলাদেশের প্রতিদিনের সঙ্গে আলাপকালে এ মন্তব্য করেন তিনি। সাবেক এই পুলিশ প্রধান বলেন, পুলিশ সরকারের দাস নয়, জনগণের সেবক। পুলিশের সব সদস্যকে জবাবদিহির আওতায় আনতে হবে।

তারা সরাসরি জনগণের সঙ্গে সম্পৃক্ত। বাংলাদেশের প্রতিদিনের সঙ্গে আলাপকালে এ মন্তব্য করেন তিনি। সাবেক এই পুলিশ প্রধান বলেন, পুলিশ সরকারের দাস নয়, জনগণের সেবক। পুলিশের সব সদস্যকে জবাবদিহির আওতায় আনতে হবে।

তারা সরাসরি জনগণের সঙ্গে সম্পৃক্ত। বাংলাদেশের প্রতিদিনের সঙ্গে আলাপকালে এ মন্তব্য করেন তিনি। সাবেক এই পুলিশ প্রধান বলেন, পুলিশ সরকারের দাস নয়, জনগণের সেবক। পুলিশের সব সদস্যকে জবাবদিহির আওতায় আনতে হবে।

পাকিস্তানে প্রথম নারী

[প্রথম পৃষ্ঠার পর] পাকিস্তানের ইতিহাসে প্রথমবারের মতো কোনো নারী প্রদেশের মুখ্যমন্ত্রী নির্বাচিত হলেন। পিএমএল-এনের জ্যেষ্ঠ সহ-সভাপতি মরিয়ম নওয়াজ পাঞ্জাব প্রাদেশিক পরিষদের ভোটে বিজয়ী হন।

পাকিস্তানের ইতিহাসে প্রথমবারের মতো কোনো নারী প্রদেশের মুখ্যমন্ত্রী নির্বাচিত হলেন। পিএমএল-এনের জ্যেষ্ঠ সহ-সভাপতি মরিয়ম নওয়াজ পাঞ্জাব প্রাদেশিক পরিষদের ভোটে বিজয়ী হন।

পাকিস্তানের ইতিহাসে প্রথমবারের মতো কোনো নারী প্রদেশের মুখ্যমন্ত্রী নির্বাচিত হলেন। পিএমএল-এনের জ্যেষ্ঠ সহ-সভাপতি মরিয়ম নওয়াজ পাঞ্জাব প্রাদেশিক পরিষদের ভোটে বিজয়ী হন।

দক্ষতা না থাকলে উচ্চশিক্ষায়

[প্রথম পৃষ্ঠার পর] কেবল ডিগ্রি অর্জন করলেই হবে না, বাস্তবমুখী দক্ষতা অর্জন করতে হবে। বিশ্ববিদ্যালয়ের সমাবর্তন অনুষ্ঠানে বক্তারা এ কথা বলেন।

কেবল ডিগ্রি অর্জন করলেই হবে না, বাস্তবমুখী দক্ষতা অর্জন করতে হবে। বিশ্ববিদ্যালয়ের সমাবর্তন অনুষ্ঠানে বক্তারা এ কথা বলেন।

কেবল ডিগ্রি অর্জন করলেই হবে না, বাস্তবমুখী দক্ষতা অর্জন করতে হবে। বিশ্ববিদ্যালয়ের সমাবর্তন অনুষ্ঠানে বক্তারা এ কথা বলেন।

কেবল ডিগ্রি অর্জন করলেই হবে না, বাস্তবমুখী দক্ষতা অর্জন করতে হবে। বিশ্ববিদ্যালয়ের সমাবর্তন অনুষ্ঠানে বক্তারা এ কথা বলেন।

বাণিজ্যের চ্যালেঞ্জ

[প্রথম পৃষ্ঠার পর] হচ্ছে না। অনেক সময় ডলারের সংকটে আমদানি ব্যাহত হচ্ছে। ব্যবসায়ীরা বলছেন, রপ্তানি বহুমুখীকরণ ও নতুন বাজার অনুসন্ধান জরুরি। সরকারকে বিনিয়োগবান্ধব নীতি গ্রহণ করতে হবে।

হচ্ছে না। অনেক সময় ডলারের সংকটে আমদানি ব্যাহত হচ্ছে। ব্যবসায়ীরা বলছেন, রপ্তানি বহুমুখীকরণ ও নতুন বাজার অনুসন্ধান জরুরি। সরকারকে বিনিয়োগবান্ধব নীতি গ্রহণ করতে হবে।

হচ্ছে না। অনেক সময় ডলারের সংকটে আমদানি ব্যাহত হচ্ছে। ব্যবসায়ীরা বলছেন, রপ্তানি বহুমুখীকরণ ও নতুন বাজার অনুসন্ধান জরুরি। সরকারকে বিনিয়োগবান্ধব নীতি গ্রহণ করতে হবে।

হচ্ছে না। অনেক সময় ডলারের সংকটে আমদানি ব্যাহত হচ্ছে। ব্যবসায়ীরা বলছেন, রপ্তানি বহুমুখীকরণ ও নতুন বাজার অনুসন্ধান জরুরি। সরকারকে বিনিয়োগবান্ধব নীতি গ্রহণ করতে হবে।

হচ্ছে না। অনেক সময় ডলারের সংকটে আমদানি ব্যাহত হচ্ছে। ব্যবসায়ীরা বলছেন, রপ্তানি বহুমুখীকরণ ও নতুন বাজার অনুসন্ধান জরুরি। সরকারকে বিনিয়োগবান্ধব নীতি গ্রহণ করতে হবে।

হচ্ছে না। অনেক সময় ডলারের সংকটে আমদানি ব্যাহত হচ্ছে। ব্যবসায়ীরা বলছেন, রপ্তানি বহুমুখীকরণ ও নতুন বাজার অনুসন্ধান জরুরি। সরকারকে বিনিয়োগবান্ধব নীতি গ্রহণ করতে হবে।

হচ্ছে না। অনেক সময় ডলারের সংকটে আমদানি ব্যাহত হচ্ছে। ব্যবসায়ীরা বলছেন, রপ্তানি বহুমুখীকরণ ও নতুন বাজার অনুসন্ধান জরুরি। সরকারকে বিনিয়োগবান্ধব নীতি গ্রহণ করতে হবে।

হচ্ছে না। অনেক সময় ডলারের সংকটে আমদানি ব্যাহত হচ্ছে। ব্যবসায়ীরা বলছেন, রপ্তানি বহুমুখীকরণ ও নতুন বাজার অনুসন্ধান জরুরি। সরকারকে বিনিয়োগবান্ধব নীতি গ্রহণ করতে হবে।

হচ্ছে না। অনেক সময় ডলারের সংকটে আমদানি ব্যাহত হচ্ছে। ব্যবসায়ীরা বলছেন, রপ্তানি বহুমুখীকরণ ও নতুন বাজার অনুসন্ধান জরুরি। সরকারকে বিনিয়োগবান্ধব নীতি গ্রহণ করতে হবে।

অবৈধ পথে যুবকরা

[প্রথম পৃষ্ঠার পর] এলাকা থেকে নিখোঁজ হন যুবকরা। দালালের মাধ্যমে সাগরপথে ইউরোপে পাড়ি জমানোর চেষ্টা করছিলেন তারা। পরিবারের সদস্যরা জানান, লাখ লাখ টাকা দিয়েও প্রিয়জনের খোঁজ মিলছে না।

এলাকা থেকে নিখোঁজ হন যুবকরা। দালালের মাধ্যমে সাগরপথে ইউরোপে পাড়ি জমানোর চেষ্টা করছিলেন তারা। পরিবারের সদস্যরা জানান, লাখ লাখ টাকা দিয়েও প্রিয়জনের খোঁজ মিলছে না।

এলাকা থেকে নিখোঁজ হন যুবকরা। দালালের মাধ্যমে সাগরপথে ইউরোপে পাড়ি জমানোর চেষ্টা করছিলেন তারা। পরিবারের সদস্যরা জানান, লাখ লাখ টাকা দিয়েও প্রিয়জনের খোঁজ মিলছে না।

এলাকা থেকে নিখোঁজ হন যুবকরা। দালালের মাধ্যমে সাগরপথে ইউরোপে পাড়ি জমানোর চেষ্টা করছিলেন তারা। পরিবারের সদস্যরা জানান, লাখ লাখ টাকা দিয়েও প্রিয়জনের খোঁজ মিলছে না।

এলাকা থেকে নিখোঁজ হন যুবকরা। দালালের মাধ্যমে সাগরপথে ইউরোপে পাড়ি জমানোর চেষ্টা করছিলেন তারা। পরিবারের সদস্যরা জানান, লাখ লাখ টাকা দিয়েও প্রিয়জনের খোঁজ মিলছে না।

এলাকা থেকে নিখোঁজ হন যুবকরা। দালালের মাধ্যমে সাগরপথে ইউরোপে পাড়ি জমানোর চেষ্টা করছিলেন তারা। পরিবারের সদস্যরা জানান, লাখ লাখ টাকা দিয়েও প্রিয়জনের খোঁজ মিলছে না।

এলাকা থেকে নিখোঁজ হন যুবকরা। দালালের মাধ্যমে সাগরপথে ইউরোপে পাড়ি জমানোর চেষ্টা করছিলেন তারা। পরিবারের সদস্যরা জানান, লাখ লাখ টাকা দিয়েও প্রিয়জনের খোঁজ মিলছে না।

বাংলাদেশ অভ্যন্তরীণ নৌ-পরিবহন কর্তৃপক্ষ
১৪১-১৪৩ মতিঝিল বা/এ, ঢাকা-১০০০।
www.biwta.gov.bd
নৌ-পথ শাখা, নৌ-সংরক্ষণ বিভাগ
নম্বর: ১৮.১১.০০০০.৩০৮.০৪.০০১.২৪.১০	১৩ ফাল্গুন ১৪৩০ বঙ্গাব্দ
২৬ ফেব্রুয়ারি ২০২৪ খ্রিস্টাব্দ
বিজ্ঞপ্তি/নোটিশ
বিষয়: বিশেষ নৌ-সতর্কীকরণ বিজ্ঞপ্তি নং-০২/২০২৪ পত্রিকায় প্রকাশ প্রসঙ্গে।

এতদ্বারা সকল নৌ-যানের মালিক/মাস্টার/ড্রাইভারসহ সংশ্লিষ্ট সকলের অবগতির জন্য জানানো যাচ্ছে যে, আগামী ২২/০২/২০২৪ইং হতে ০৮/০৩/২০২৪ইং তারিখ পর্যন্ত পোস্তগোলা ব্রিজের ১১-১২ নং পিলারের মধ্যবর্তী স্থানে মেরামত কাজ করা হবে। উক্ত ব্রিজের মেরামতকালীন সময়ে ১১-১২নং পিলারের মধ্যবর্তী স্থানে যাত্রীবাহী লঞ্চ ও অন্যান্য নৌ-যান চলাচল ঝুঁকিপূর্ণ হবে এবং এর ফলে দুর্ঘটনা ঘটার সম্ভাবনা থাকবে বিধায় নৌ-যান চলাচল বন্ধ থাকবে। ১২নং পিয়ার বরাবর উজানে ২টি লাল বাতিযুক্ত বয়া ও ভাটিতে ২টি লাল বাতিযুক্ত বয়া স্থাপন করা হয়েছে এবং ১৪নং পিয়ারের উজানে ২টি সবুজ বাতিযুক্ত বয়া ও ভাটিতে ০২টি সবুজ বাতিযুক্ত বয়া স্থাপন করা হয়েছে। ১১-১২নং পিয়ারের মধ্যে রশিতে গোল বল দিয়ে ও ক্যাফলিংট পেপার দিয়ে বন্ধ করা হয়েছে।

এমতাবস্থায়, উক্ত নৌ-পথে চলাচলকারী সকল প্রকার নৌযানকে সদরঘাট থেকে ভাটিতে যাওয়ার সময় সবুজ বাতিযুক্ত বয়াকে হাতের বামে ও লাল বাতিযুক্ত বয়াকে হাতের ডানে এবং ফতুল্লা এলাকা থেকে সদরঘাটের দিকে আসার সময় লাল বাতিযুক্ত বয়াকে হাতের বামে ও সবুজ বাতিযুক্ত বয়াকে হাতের ডানে রেখে সাবধানতার সাথে চলাচল করার জন্য জানানো যাচ্ছে। কোন অবস্থাতেই ক্ষতিগ্রস্ত সেতুর ৫০০ মিটার উজানে ও ৫০০ মিটার ভাটিতে ওভারটেক করা যাবে না।

• দক্ষ নাবিক/ড্রাইভার দিয়ে নৌ-যান পরিচালনা করুন।
• কুয়াশা/দুর্যোগপূর্ণ আবহাওয়ার আশংকা থাকলে নৌ-যান নিরাপদ স্থানে ভিড়িয়ে বিশেষ সতর্কতা (বাতি জ্বালানো, Fog Signal ও Bell বাজানো) অবলম্বন করুন।
২৬-০২-২০২৪
মোঃ শাহজাহান
পরিচালক (নৌ-সংপ)
জি-৪০৮/২৪ (৭ x ৩)
